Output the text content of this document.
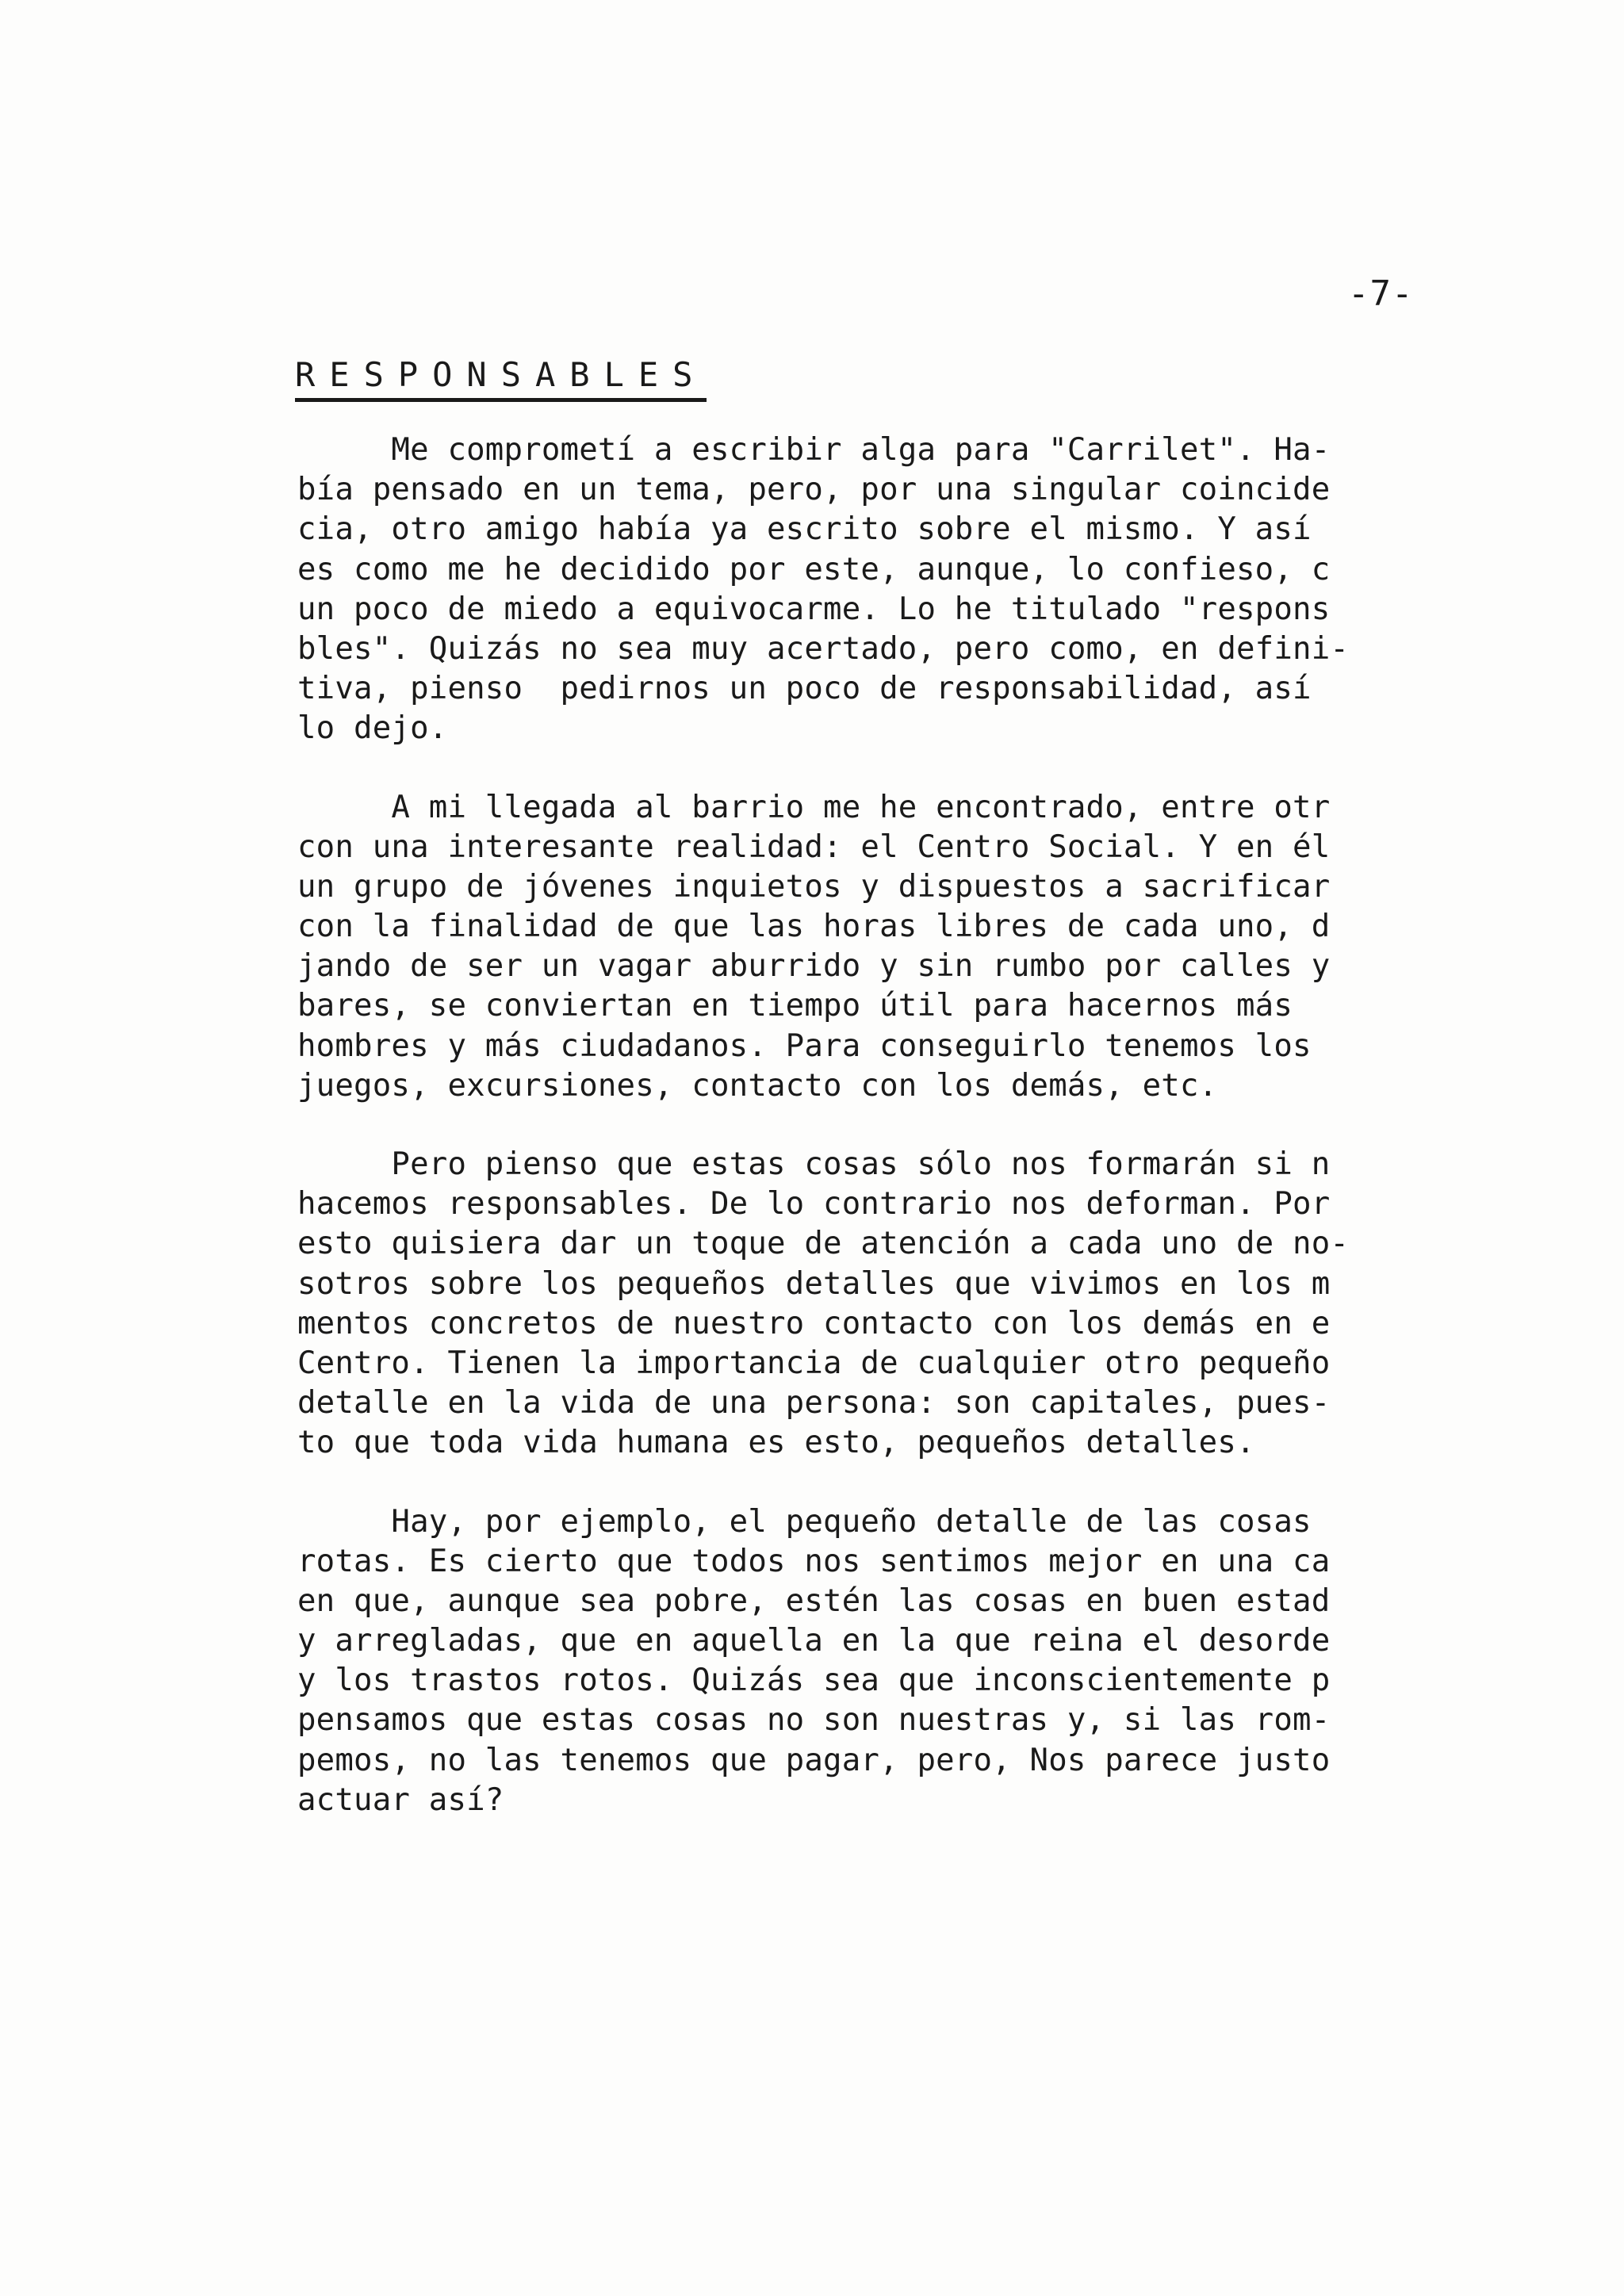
-7-
RESPONSABLES
Me comprometí a escribir alga para "Carrilet". Ha-
bía pensado en un tema, pero, por una singular coincide
cia, otro amigo había ya escrito sobre el mismo. Y así
es como me he decidido por este, aunque, lo confieso, c
un poco de miedo a equivocarme. Lo he titulado "respons
bles". Quizás no sea muy acertado, pero como, en defini-
tiva, pienso  pedirnos un poco de responsabilidad, así
lo dejo.
A mi llegada al barrio me he encontrado, entre otr
con una interesante realidad: el Centro Social. Y en él
un grupo de jóvenes inquietos y dispuestos a sacrificar
con la finalidad de que las horas libres de cada uno, d
jando de ser un vagar aburrido y sin rumbo por calles y
bares, se conviertan en tiempo útil para hacernos más
hombres y más ciudadanos. Para conseguirlo tenemos los
juegos, excursiones, contacto con los demás, etc.
Pero pienso que estas cosas sólo nos formarán si n
hacemos responsables. De lo contrario nos deforman. Por
esto quisiera dar un toque de atención a cada uno de no-
sotros sobre los pequeños detalles que vivimos en los m
mentos concretos de nuestro contacto con los demás en e
Centro. Tienen la importancia de cualquier otro pequeño
detalle en la vida de una persona: son capitales, pues-
to que toda vida humana es esto, pequeños detalles.
Hay, por ejemplo, el pequeño detalle de las cosas
rotas. Es cierto que todos nos sentimos mejor en una ca
en que, aunque sea pobre, estén las cosas en buen estad
y arregladas, que en aquella en la que reina el desorde
y los trastos rotos. Quizás sea que inconscientemente p
pensamos que estas cosas no son nuestras y, si las rom-
pemos, no las tenemos que pagar, pero, Nos parece justo
actuar así?
